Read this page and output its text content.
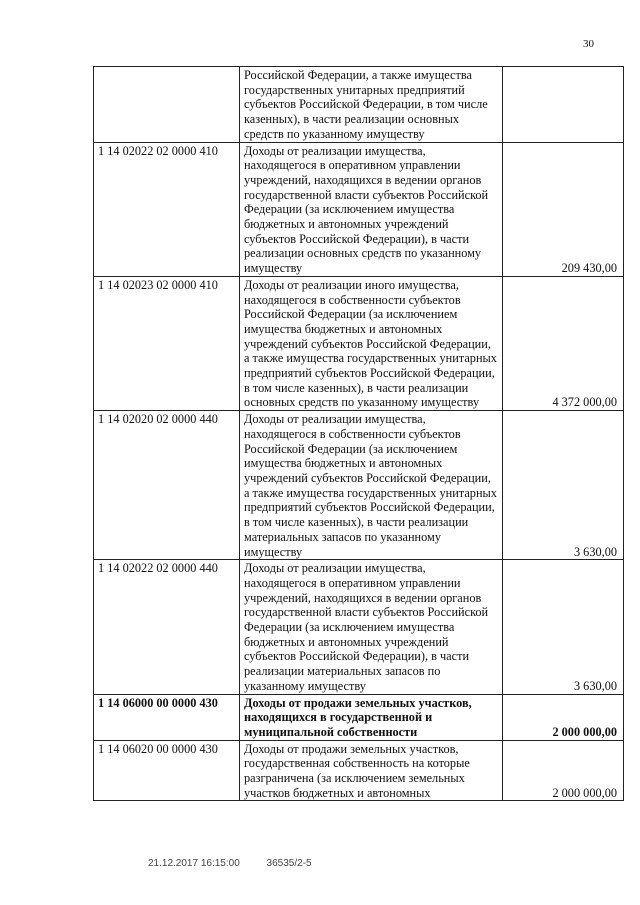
30
	Российской Федерации, а также имущества государственных унитарных предприятий субъектов Российской Федерации, в том числе казенных), в части реализации основных средств по указанному имуществу	
1 14 02022 02 0000 410	Доходы от реализации имущества, находящегося в оперативном управлении учреждений, находящихся в ведении органов государственной власти субъектов Российской Федерации (за исключением имущества бюджетных и автономных учреждений субъектов Российской Федерации), в части реализации основных средств по указанному имуществу	209 430,00
1 14 02023 02 0000 410	Доходы от реализации иного имущества, находящегося в собственности субъектов Российской Федерации (за исключением имущества бюджетных и автономных учреждений субъектов Российской Федерации, а также имущества государственных унитарных предприятий субъектов Российской Федерации, в том числе казенных), в части реализации основных средств по указанному имуществу	4 372 000,00
1 14 02020 02 0000 440	Доходы от реализации имущества, находящегося в собственности субъектов Российской Федерации (за исключением имущества бюджетных и автономных учреждений субъектов Российской Федерации, а также имущества государственных унитарных предприятий субъектов Российской Федерации, в том числе казенных), в части реализации материальных запасов по указанному имуществу	3 630,00
1 14 02022 02 0000 440	Доходы от реализации имущества, находящегося в оперативном управлении учреждений, находящихся в ведении органов государственной власти субъектов Российской Федерации (за исключением имущества бюджетных и автономных учреждений субъектов Российской Федерации), в части реализации материальных запасов по указанному имуществу	3 630,00
1 14 06000 00 0000 430	Доходы от продажи земельных участков, находящихся в государственной и муниципальной собственности	2 000 000,00
1 14 06020 00 0000 430	Доходы от продажи земельных участков, государственная собственность на которые разграничена (за исключением земельных участков бюджетных и автономных	2 000 000,00
21.12.2017 16:15:00	36535/2-5
